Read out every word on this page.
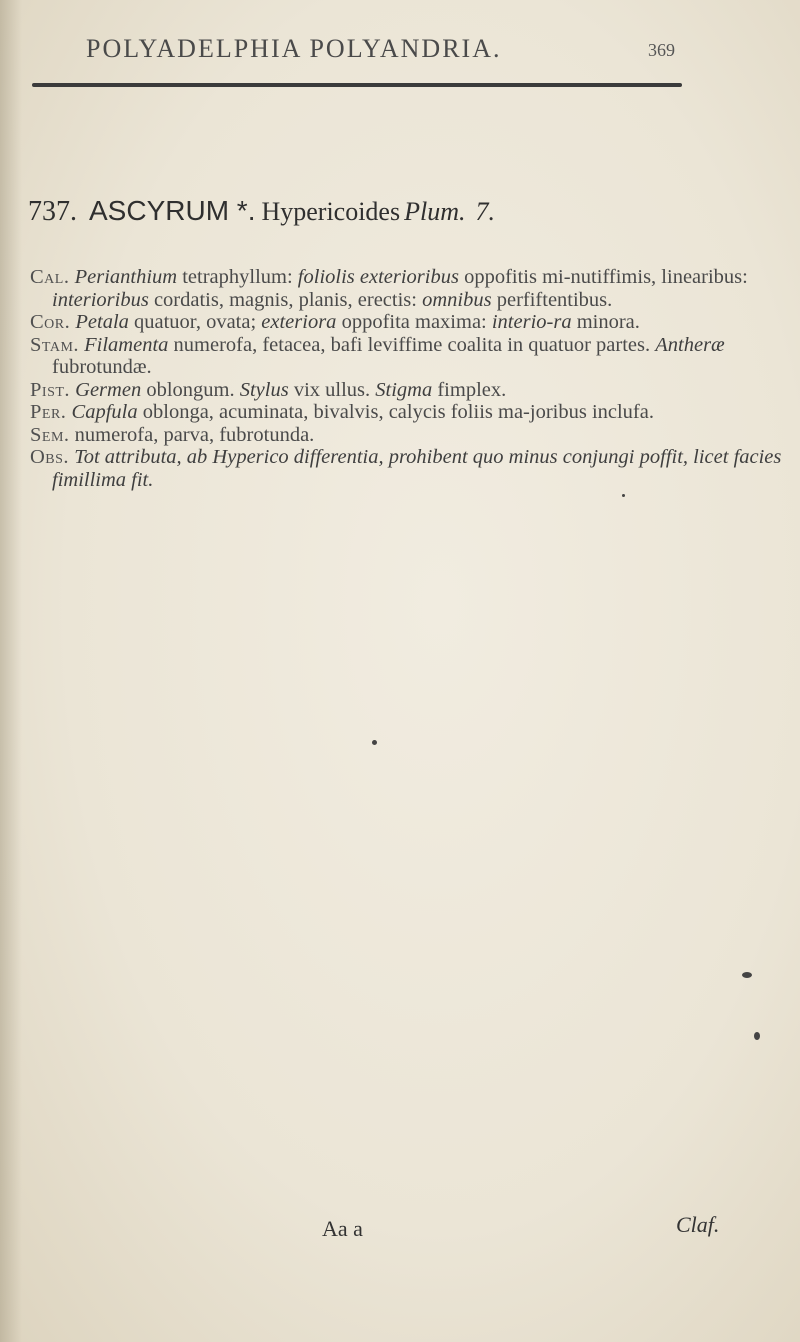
POLYADELPHIA POLYANDRIA.	369
737. ASCYRUM *. Hypericoides Plum. 7.

Cal. Perianthium tetraphyllum: foliolis exterioribus oppofitis mi-nutiffimis, linearibus: interioribus cordatis, magnis, planis, erectis: omnibus perfiftentibus.

Cor. Petala quatuor, ovata; exteriora oppofita maxima: interio-ra minora.

Stam. Filamenta numerofa, fetacea, bafi leviffime coalita in quatuor partes. Antheræ fubrotundæ.

Pist. Germen oblongum. Stylus vix ullus. Stigma fimplex.

Per. Capfula oblonga, acuminata, bivalvis, calycis foliis ma-joribus inclufa.

Sem. numerofa, parva, fubrotunda.

Obs. Tot attributa, ab Hyperico differentia, prohibent quo minus conjungi poffit, licet facies fimillima fit.

Aa a	Claf.
